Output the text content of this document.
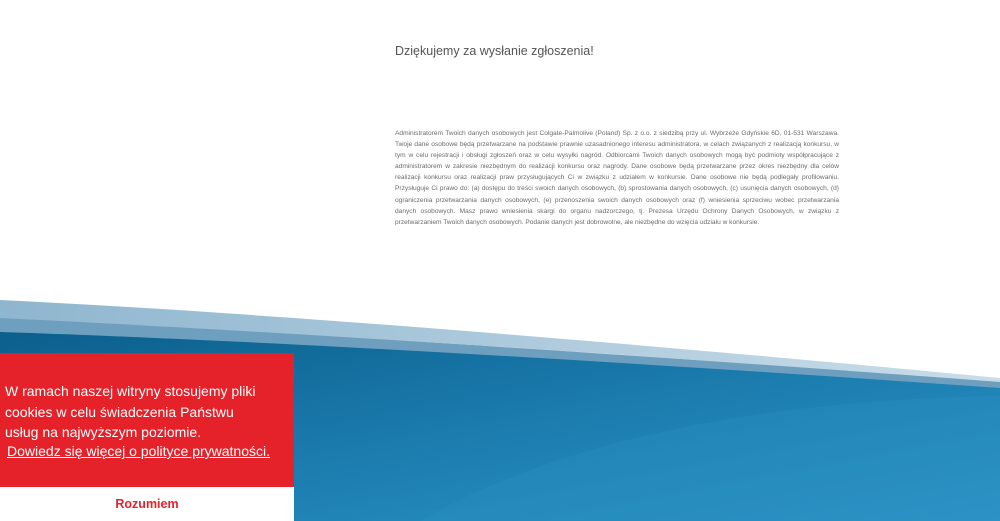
Dziękujemy za wysłanie zgłoszenia!

Administratorem Twoich danych osobowych jest Colgate-Palmolive (Poland) Sp. z o.o. z siedzibą przy ul. Wybrzeże Gdyńskie 6D, 01-531 Warszawa. Twoje dane osobowe będą przetwarzane na podstawie prawnie uzasadnionego interesu administratora, w celach związanych z realizacją konkursu, w tym w celu rejestracji i obsługi zgłoszeń oraz w celu wysyłki nagród. Odbiorcami Twoich danych osobowych mogą być podmioty współpracujące z administratorem w zakresie niezbędnym do realizacji konkursu oraz nagrody. Dane osobowe będą przetwarzane przez okres niezbędny dla celów realizacji konkursu oraz realizacji praw przysługujących Ci w związku z udziałem w konkursie. Dane osobowe nie będą podlegały profilowaniu. Przysługuje Ci prawo do: (a) dostępu do treści swoich danych osobowych, (b) sprostowania danych osobowych, (c) usunięcia danych osobowych, (d) ograniczenia przetwarzania danych osobowych, (e) przenoszenia swoich danych osobowych oraz (f) wniesienia sprzeciwu wobec przetwarzania danych osobowych. Masz prawo wniesienia skargi do organu nadzorczego, tj. Prezesa Urzędu Ochrony Danych Osobowych, w związku z przetwarzaniem Twoich danych osobowych. Podanie danych jest dobrowolne, ale niezbędne do wzięcia udziału w konkursie.

W ramach naszej witryny stosujemy pliki cookies w celu świadczenia Państwu usług na najwyższym poziomie.

Dowiedz się więcej o polityce prywatności.
Rozumiem
